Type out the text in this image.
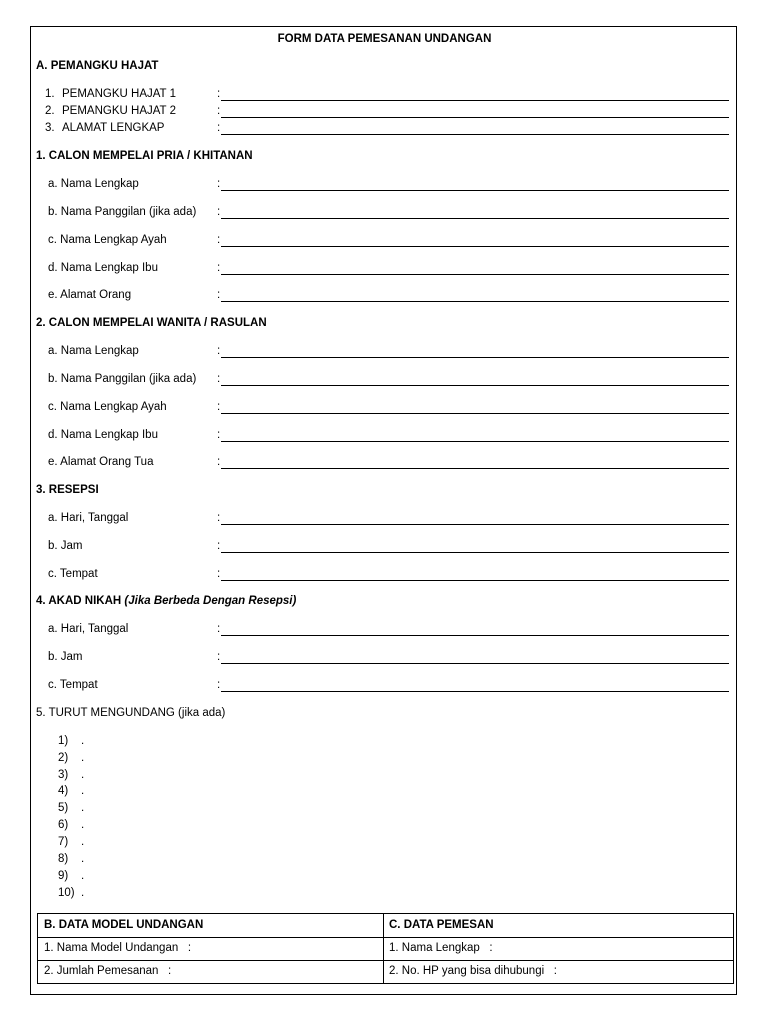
FORM DATA PEMESANAN UNDANGAN
A. PEMANGKU HAJAT
1. PEMANGKU HAJAT 1	:
2. PEMANGKU HAJAT 2	:
3. ALAMAT LENGKAP	:
1. CALON MEMPELAI PRIA / KHITANAN
a. Nama Lengkap	:
b. Nama Panggilan (jika ada) :
c. Nama Lengkap Ayah	:
d. Nama Lengkap Ibu	:
e. Alamat Orang	:
2. CALON MEMPELAI WANITA / RASULAN
a. Nama Lengkap	:
b. Nama Panggilan (jika ada) :
c. Nama Lengkap Ayah	:
d. Nama Lengkap Ibu	:
e. Alamat Orang Tua	:
3. RESEPSI
a. Hari, Tanggal	:
b. Jam	:
c. Tempat	:
4. AKAD NIKAH (Jika Berbeda Dengan Resepsi)
a. Hari, Tanggal	:
b. Jam	:
c. Tempat	:
5. TURUT MENGUNDANG (jika ada)
1)    .
2)    .
3)    .
4)    .
5)    .
6)    .
7)    .
8)    .
9)    .
10)  .
B. DATA MODEL UNDANGAN	C. DATA PEMESAN
1. Nama Model Undangan   :	1. Nama Lengkap   :
2. Jumlah Pemesanan   :	2. No. HP yang bisa dihubungi   :
